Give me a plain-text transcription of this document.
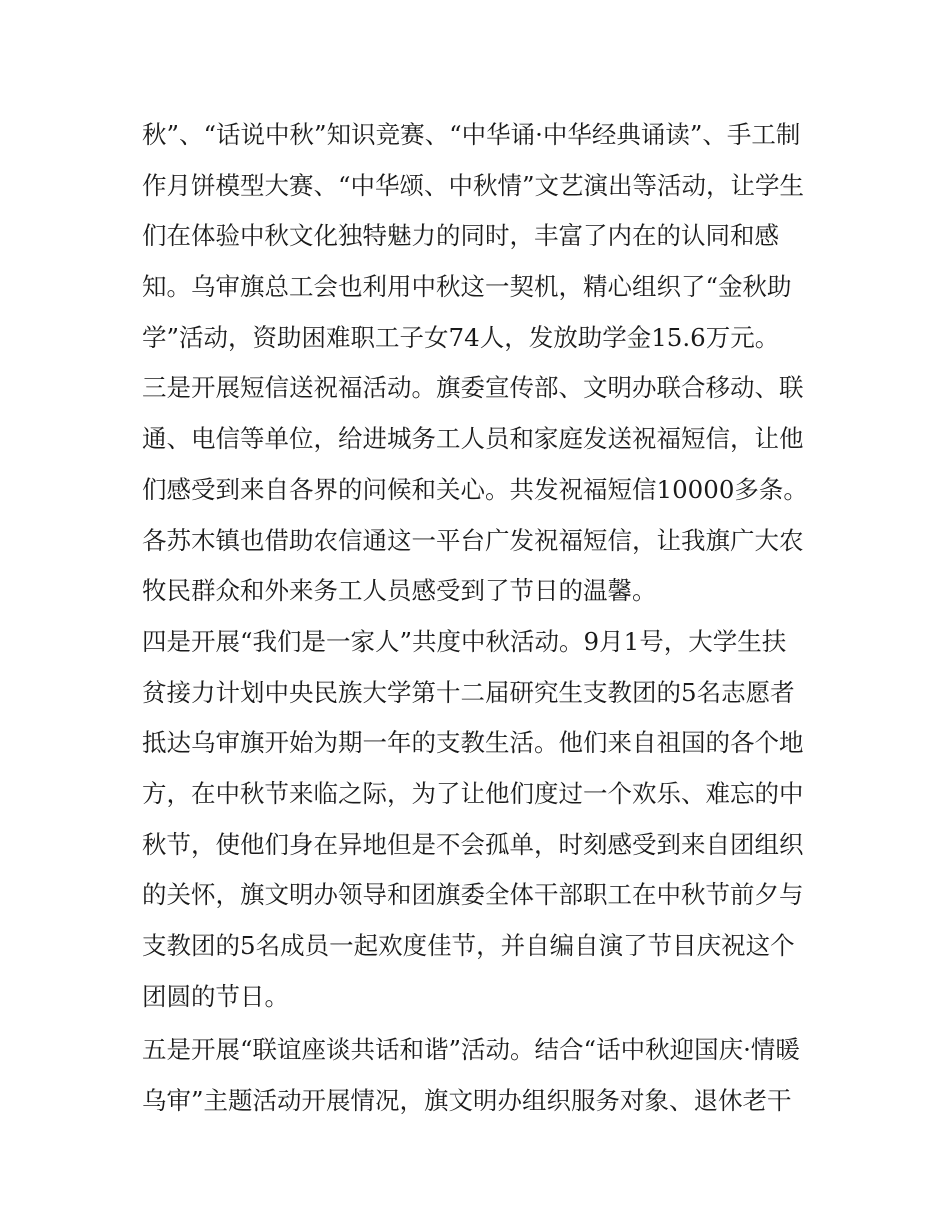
秋”、“话说中秋”知识竞赛、“中华诵·中华经典诵读”、手工制
作月饼模型大赛、“中华颂、中秋情”文艺演出等活动，让学生
们在体验中秋文化独特魅力的同时，丰富了内在的认同和感
知。乌审旗总工会也利用中秋这一契机，精心组织了“金秋助
学”活动，资助困难职工子女74人，发放助学金15.6万元。
三是开展短信送祝福活动。旗委宣传部、文明办联合移动、联
通、电信等单位，给进城务工人员和家庭发送祝福短信，让他
们感受到来自各界的问候和关心。共发祝福短信10000多条。
各苏木镇也借助农信通这一平台广发祝福短信，让我旗广大农
牧民群众和外来务工人员感受到了节日的温馨。
四是开展“我们是一家人”共度中秋活动。9月1号，大学生扶
贫接力计划中央民族大学第十二届研究生支教团的5名志愿者
抵达乌审旗开始为期一年的支教生活。他们来自祖国的各个地
方，在中秋节来临之际，为了让他们度过一个欢乐、难忘的中
秋节，使他们身在异地但是不会孤单，时刻感受到来自团组织
的关怀，旗文明办领导和团旗委全体干部职工在中秋节前夕与
支教团的5名成员一起欢度佳节，并自编自演了节目庆祝这个
团圆的节日。
五是开展“联谊座谈共话和谐”活动。结合“话中秋迎国庆·情暖
乌审”主题活动开展情况，旗文明办组织服务对象、退休老干
